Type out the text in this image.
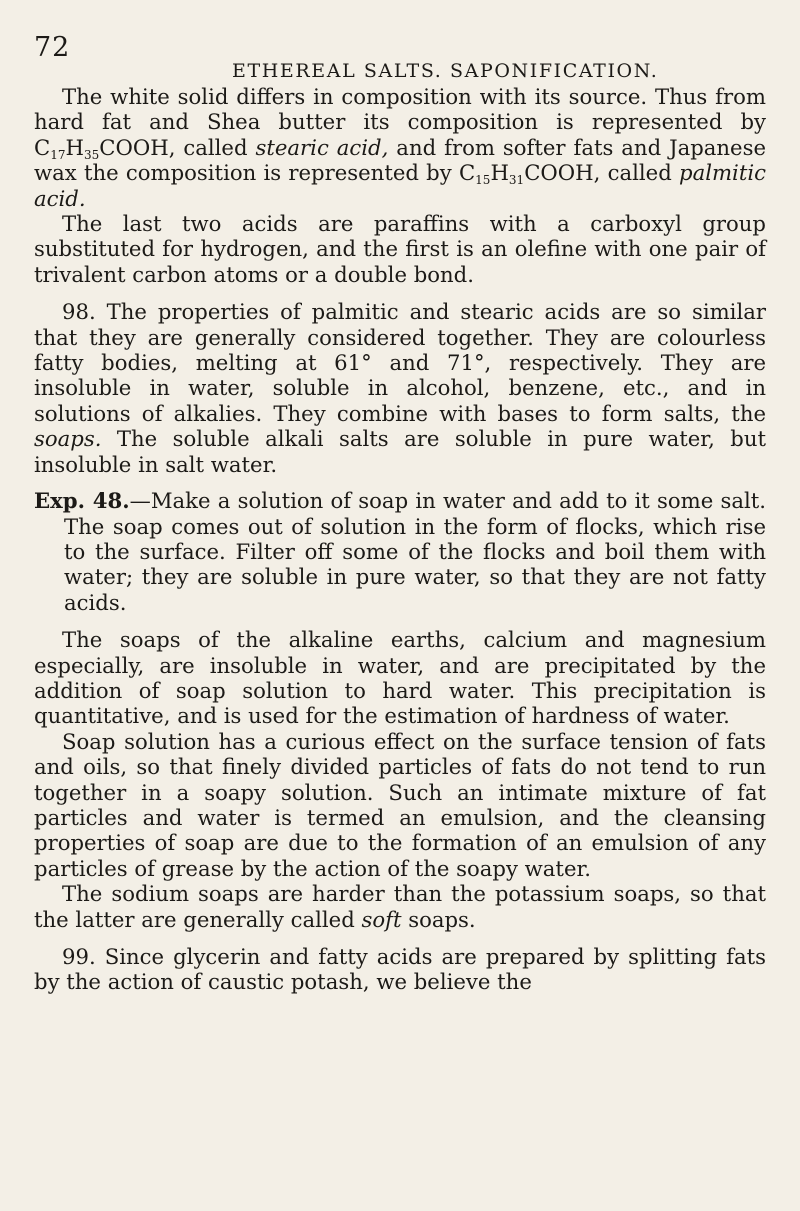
72
ETHEREAL SALTS. SAPONIFICATION.

The white solid differs in composition with its source. Thus from hard fat and Shea butter its composition is represented by $C_{17}H_{35}COOH$, called stearic acid, and from softer fats and Japanese wax the composition is represented by $C_{15}H_{31}COOH$, called palmitic acid.

The last two acids are paraffins with a carboxyl group substituted for hydrogen, and the first is an olefine with one pair of trivalent carbon atoms or a double bond.

98. The properties of palmitic and stearic acids are so similar that they are generally considered together. They are colourless fatty bodies, melting at 61° and 71°, respectively. They are insoluble in water, soluble in alcohol, benzene, etc., and in solutions of alkalies. They combine with bases to form salts, the soaps. The soluble alkali salts are soluble in pure water, but insoluble in salt water.

Exp. 48.—Make a solution of soap in water and add to it some salt. The soap comes out of solution in the form of flocks, which rise to the surface. Filter off some of the flocks and boil them with water; they are soluble in pure water, so that they are not fatty acids.

The soaps of the alkaline earths, calcium and magnesium especially, are insoluble in water, and are precipitated by the addition of soap solution to hard water. This precipitation is quantitative, and is used for the estimation of hardness of water.

Soap solution has a curious effect on the surface tension of fats and oils, so that finely divided particles of fats do not tend to run together in a soapy solution. Such an intimate mixture of fat particles and water is termed an emulsion, and the cleansing properties of soap are due to the formation of an emulsion of any particles of grease by the action of the soapy water.

The sodium soaps are harder than the potassium soaps, so that the latter are generally called soft soaps.

99. Since glycerin and fatty acids are prepared by splitting fats by the action of caustic potash, we believe the
